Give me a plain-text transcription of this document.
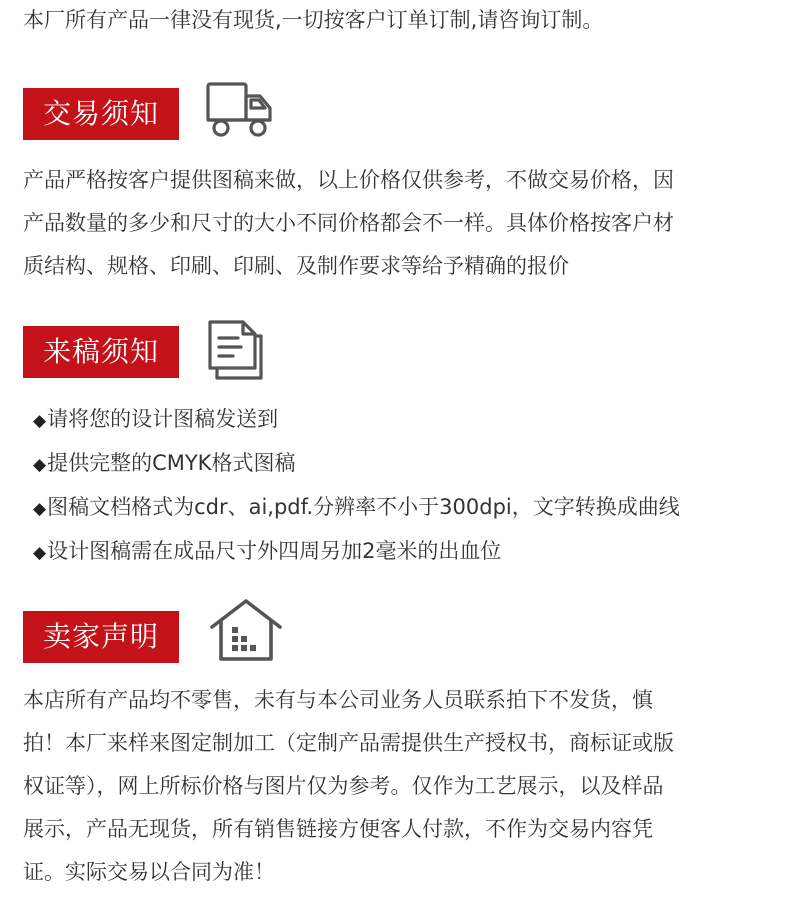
本厂所有产品一律没有现货,一切按客户订单订制,请咨询订制。
交易须知
产品严格按客户提供图稿来做，以上价格仅供参考，不做交易价格，因
产品数量的多少和尺寸的大小不同价格都会不一样。具体价格按客户材
质结构、规格、印刷、印刷、及制作要求等给予精确的报价
来稿须知
◆请将您的设计图稿发送到
◆提供完整的CMYK格式图稿
◆图稿文档格式为cdr、ai,pdf.分辨率不小于300dpi，文字转换成曲线
◆设计图稿需在成品尺寸外四周另加2毫米的出血位
卖家声明
本店所有产品均不零售，未有与本公司业务人员联系拍下不发货，慎
拍！本厂来样来图定制加工（定制产品需提供生产授权书，商标证或版
权证等），网上所标价格与图片仅为参考。仅作为工艺展示，以及样品
展示，产品无现货，所有销售链接方便客人付款，不作为交易内容凭
证。实际交易以合同为准！
